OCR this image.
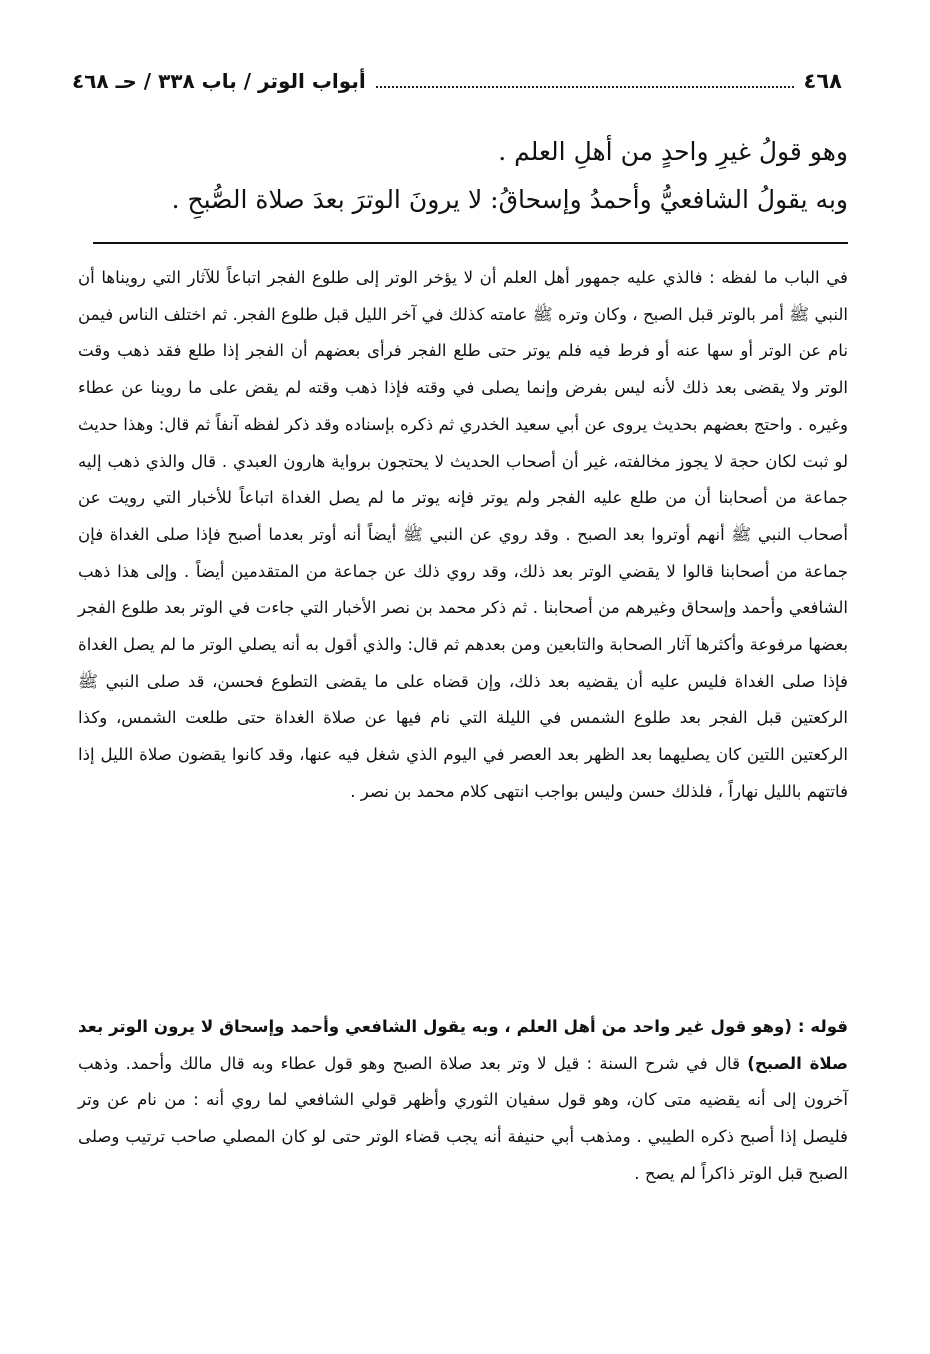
٤٦٨
أبواب الوتر / باب ٣٣٨ / حـ ٤٦٨

وهو قولُ غيرِ واحدٍ من أهلِ العلم .

وبه يقولُ الشافعيُّ وأحمدُ وإسحاقُ: لا يرونَ الوترَ بعدَ صلاة الصُّبحِ .

في الباب ما لفظه : فالذي عليه جمهور أهل العلم أن لا يؤخر الوتر إلى طلوع الفجر اتباعاً للآثار التي رويناها أن النبي ﷺ أمر بالوتر قبل الصبح ، وكان وتره ﷺ عامته كذلك في آخر الليل قبل طلوع الفجر. ثم اختلف الناس فيمن نام عن الوتر أو سها عنه أو فرط فيه فلم يوتر حتى طلع الفجر فرأى بعضهم أن الفجر إذا طلع فقد ذهب وقت الوتر ولا يقضى بعد ذلك لأنه ليس بفرض وإنما يصلى في وقته فإذا ذهب وقته لم يقض على ما روينا عن عطاء وغيره . واحتج بعضهم بحديث يروى عن أبي سعيد الخدري ثم ذكره بإسناده وقد ذكر لفظه آنفاً ثم قال: وهذا حديث لو ثبت لكان حجة لا يجوز مخالفته، غير أن أصحاب الحديث لا يحتجون برواية هارون العبدي . قال والذي ذهب إليه جماعة من أصحابنا أن من طلع عليه الفجر ولم يوتر فإنه يوتر ما لم يصل الغداة اتباعاً للأخبار التي رويت عن أصحاب النبي ﷺ أنهم أوتروا بعد الصبح . وقد روي عن النبي ﷺ أيضاً أنه أوتر بعدما أصبح فإذا صلى الغداة فإن جماعة من أصحابنا قالوا لا يقضي الوتر بعد ذلك، وقد روي ذلك عن جماعة من المتقدمين أيضاً . وإلى هذا ذهب الشافعي وأحمد وإسحاق وغيرهم من أصحابنا . ثم ذكر محمد بن نصر الأخبار التي جاءت في الوتر بعد طلوع الفجر بعضها مرفوعة وأكثرها آثار الصحابة والتابعين ومن بعدهم ثم قال: والذي أقول به أنه يصلي الوتر ما لم يصل الغداة فإذا صلى الغداة فليس عليه أن يقضيه بعد ذلك، وإن قضاه على ما يقضى التطوع فحسن، قد صلى النبي ﷺ الركعتين قبل الفجر بعد طلوع الشمس في الليلة التي نام فيها عن صلاة الغداة حتى طلعت الشمس، وكذا الركعتين اللتين كان يصليهما بعد الظهر بعد العصر في اليوم الذي شغل فيه عنها، وقد كانوا يقضون صلاة الليل إذا فاتتهم بالليل نهاراً ، فلذلك حسن وليس بواجب انتهى كلام محمد بن نصر .

قوله : (وهو قول غير واحد من أهل العلم ، وبه يقول الشافعي وأحمد وإسحاق لا يرون الوتر بعد صلاة الصبح) قال في شرح السنة : قيل لا وتر بعد صلاة الصبح وهو قول عطاء وبه قال مالك وأحمد. وذهب آخرون إلى أنه يقضيه متى كان، وهو قول سفيان الثوري وأظهر قولي الشافعي لما روي أنه : من نام عن وتر فليصل إذا أصبح ذكره الطيبي . ومذهب أبي حنيفة أنه يجب قضاء الوتر حتى لو كان المصلي صاحب ترتيب وصلى الصبح قبل الوتر ذاكراً لم يصح .
